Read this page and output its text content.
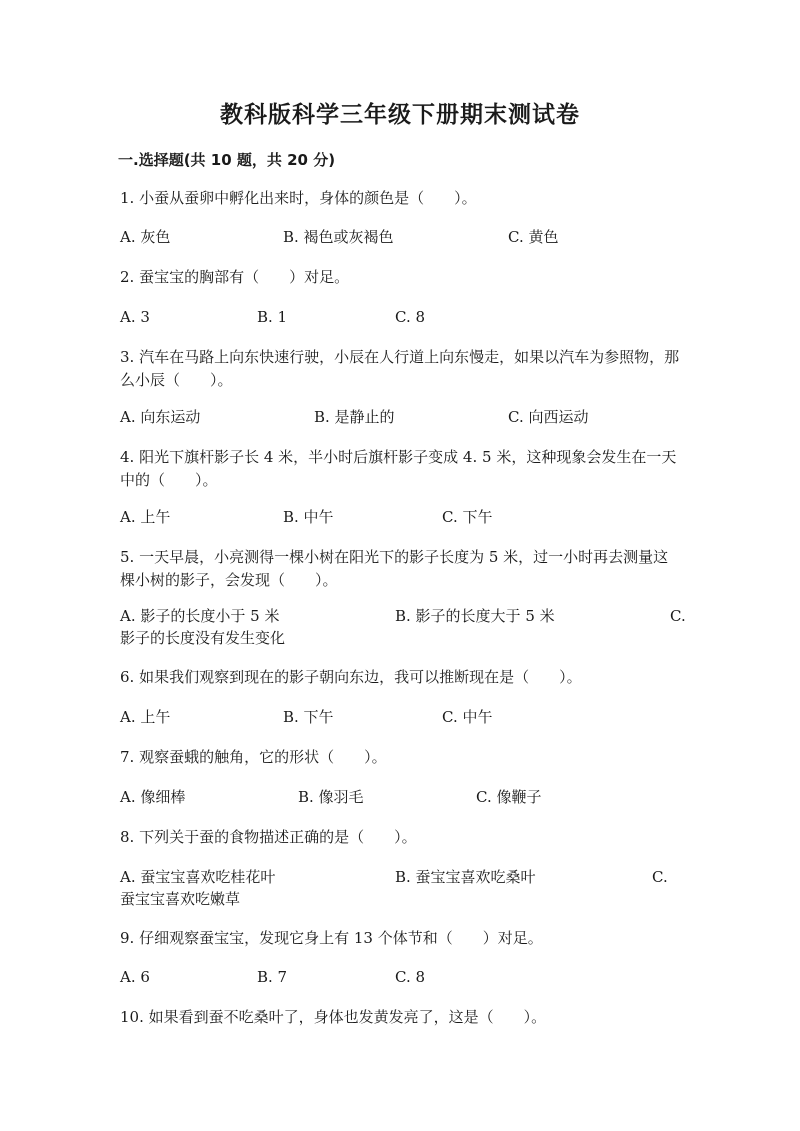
教科版科学三年级下册期末测试卷
一.选择题(共 10 题，共 20 分)
1. 小蚕从蚕卵中孵化出来时，身体的颜色是（　　）。
A. 灰色	B. 褐色或灰褐色	C. 黄色
2. 蚕宝宝的胸部有（　　）对足。
A. 3	B. 1	C. 8
3. 汽车在马路上向东快速行驶，小辰在人行道上向东慢走，如果以汽车为参照物，那么小辰（　　）。
A. 向东运动	B. 是静止的	C. 向西运动
4. 阳光下旗杆影子长 4 米，半小时后旗杆影子变成 4. 5 米，这种现象会发生在一天中的（　　）。
A. 上午	B. 中午	C. 下午
5. 一天早晨，小亮测得一棵小树在阳光下的影子长度为 5 米，过一小时再去测量这棵小树的影子，会发现（　　）。
A. 影子的长度小于 5 米	B. 影子的长度大于 5 米	C.
影子的长度没有发生变化
6. 如果我们观察到现在的影子朝向东边，我可以推断现在是（　　）。
A. 上午	B. 下午	C. 中午
7. 观察蚕蛾的触角，它的形状（　　）。
A. 像细棒	B. 像羽毛	C. 像鞭子
8. 下列关于蚕的食物描述正确的是（　　）。
A. 蚕宝宝喜欢吃桂花叶	B. 蚕宝宝喜欢吃桑叶	C.
蚕宝宝喜欢吃嫩草
9. 仔细观察蚕宝宝，发现它身上有 13 个体节和（　　）对足。
A. 6	B. 7	C. 8
10. 如果看到蚕不吃桑叶了，身体也发黄发亮了，这是（　　）。
